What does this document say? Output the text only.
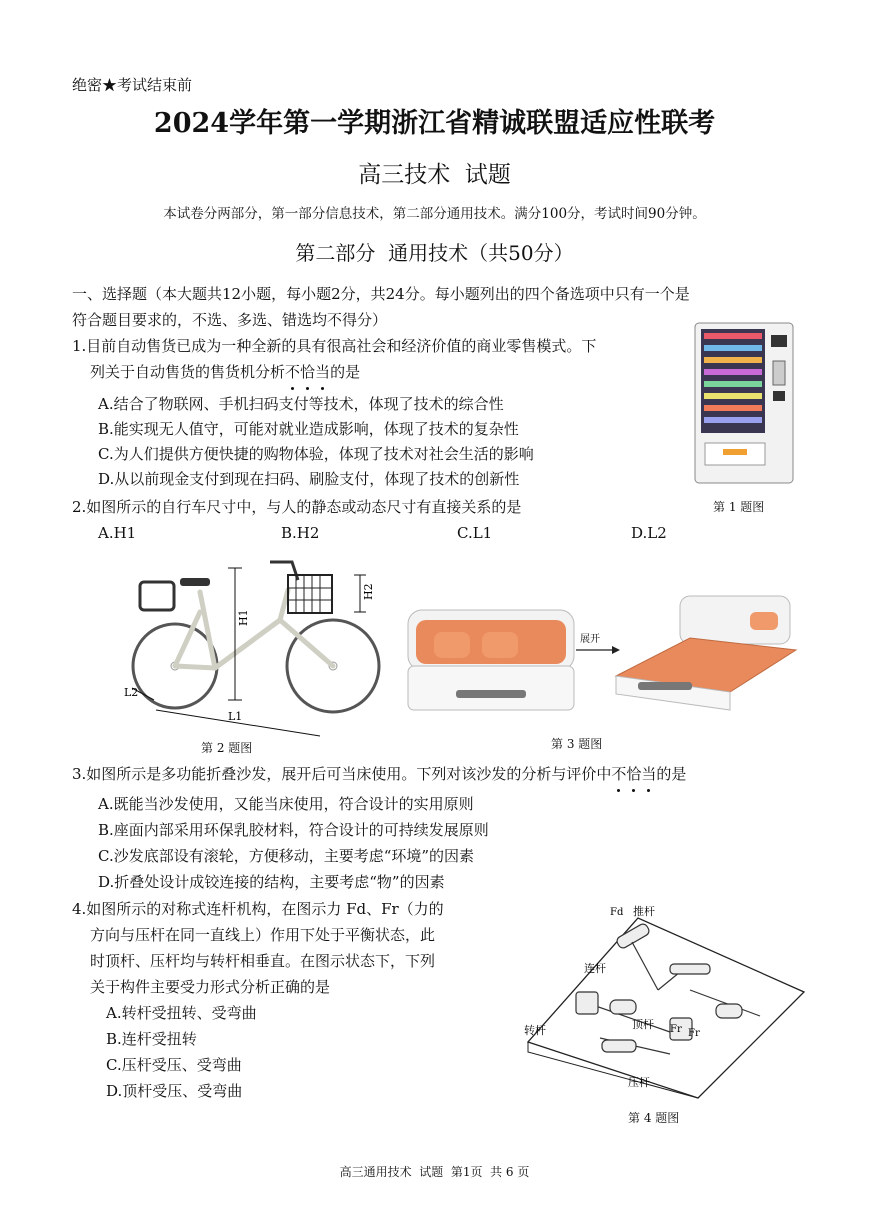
绝密★考试结束前
2024学年第一学期浙江省精诚联盟适应性联考
高三技术  试题
本试卷分两部分，第一部分信息技术，第二部分通用技术。满分100分，考试时间90分钟。
第二部分  通用技术（共50分）
一、选择题（本大题共12小题，每小题2分，共24分。每小题列出的四个备选项中只有一个是
符合题目要求的，不选、多选、错选均不得分）
1.目前自动售货已成为一种全新的具有很高社会和经济价值的商业零售模式。下
列关于自动售货的售货机分析不恰当的是
A.结合了物联网、手机扫码支付等技术，体现了技术的综合性
B.能实现无人值守，可能对就业造成影响，体现了技术的复杂性
C.为人们提供方便快捷的购物体验，体现了技术对社会生活的影响
D.从以前现金支付到现在扫码、刷脸支付，体现了技术的创新性
第 1 题图
2.如图所示的自行车尺寸中，与人的静态或动态尺寸有直接关系的是
A.H1	B.H2	C.L1	D.L2
H1
H2
L1
L2
第 2 题图
展开
第 3 题图
3.如图所示是多功能折叠沙发，展开后可当床使用。下列对该沙发的分析与评价中不恰当的是
A.既能当沙发使用，又能当床使用，符合设计的实用原则
B.座面内部采用环保乳胶材料，符合设计的可持续发展原则
C.沙发底部设有滚轮，方便移动，主要考虑“环境”的因素
D.折叠处设计成铰连接的结构，主要考虑“物”的因素
4.如图所示的对称式连杆机构，在图示力 Fd、Fr（力的
方向与压杆在同一直线上）作用下处于平衡状态，此
时顶杆、压杆均与转杆相垂直。在图示状态下，下列
关于构件主要受力形式分析正确的是
A.转杆受扭转、受弯曲
B.连杆受扭转
C.压杆受压、受弯曲
D.顶杆受压、受弯曲
Fd 推杆
连杆
顶杆
转杆
压杆
Fr Fr
第 4 题图
高三通用技术  试题  第1页  共 6 页
